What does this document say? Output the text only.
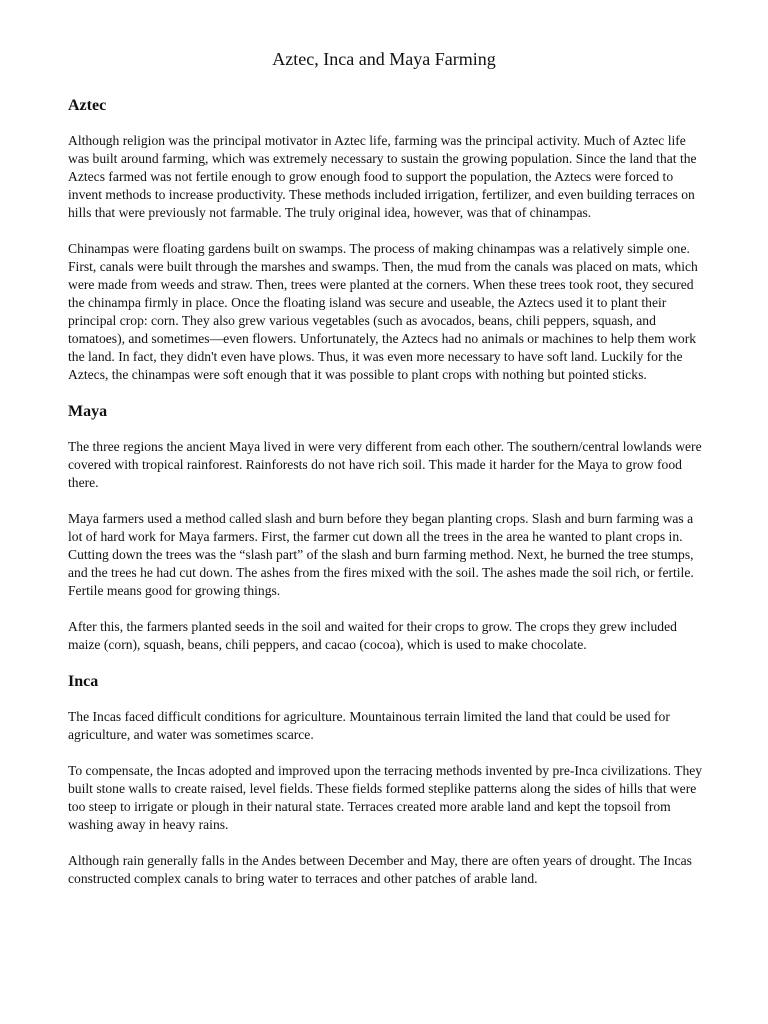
Aztec, Inca and Maya Farming
Aztec

Although religion was the principal motivator in Aztec life, farming was the principal activity. Much of Aztec life was built around farming, which was extremely necessary to sustain the growing population. Since the land that the Aztecs farmed was not fertile enough to grow enough food to support the population, the Aztecs were forced to invent methods to increase productivity. These methods included irrigation, fertilizer, and even building terraces on hills that were previously not farmable. The truly original idea, however, was that of chinampas.

Chinampas were floating gardens built on swamps. The process of making chinampas was a relatively simple one. First, canals were built through the marshes and swamps. Then, the mud from the canals was placed on mats, which were made from weeds and straw. Then, trees were planted at the corners. When these trees took root, they secured the chinampa firmly in place. Once the floating island was secure and useable, the Aztecs used it to plant their principal crop: corn. They also grew various vegetables (such as avocados, beans, chili peppers, squash, and tomatoes), and sometimes—even flowers. Unfortunately, the Aztecs had no animals or machines to help them work the land. In fact, they didn't even have plows. Thus, it was even more necessary to have soft land. Luckily for the Aztecs, the chinampas were soft enough that it was possible to plant crops with nothing but pointed sticks.

Maya

The three regions the ancient Maya lived in were very different from each other. The southern/central lowlands were covered with tropical rainforest. Rainforests do not have rich soil. This made it harder for the Maya to grow food there.

Maya farmers used a method called slash and burn before they began planting crops. Slash and burn farming was a lot of hard work for Maya farmers. First, the farmer cut down all the trees in the area he wanted to plant crops in. Cutting down the trees was the “slash part” of the slash and burn farming method. Next, he burned the tree stumps, and the trees he had cut down. The ashes from the fires mixed with the soil. The ashes made the soil rich, or fertile. Fertile means good for growing things.

After this, the farmers planted seeds in the soil and waited for their crops to grow. The crops they grew included maize (corn), squash, beans, chili peppers, and cacao (cocoa), which is used to make chocolate.

Inca

The Incas faced difficult conditions for agriculture. Mountainous terrain limited the land that could be used for agriculture, and water was sometimes scarce.

To compensate, the Incas adopted and improved upon the terracing methods invented by pre-Inca civilizations. They built stone walls to create raised, level fields. These fields formed steplike patterns along the sides of hills that were too steep to irrigate or plough in their natural state. Terraces created more arable land and kept the topsoil from washing away in heavy rains.

Although rain generally falls in the Andes between December and May, there are often years of drought. The Incas constructed complex canals to bring water to terraces and other patches of arable land.
